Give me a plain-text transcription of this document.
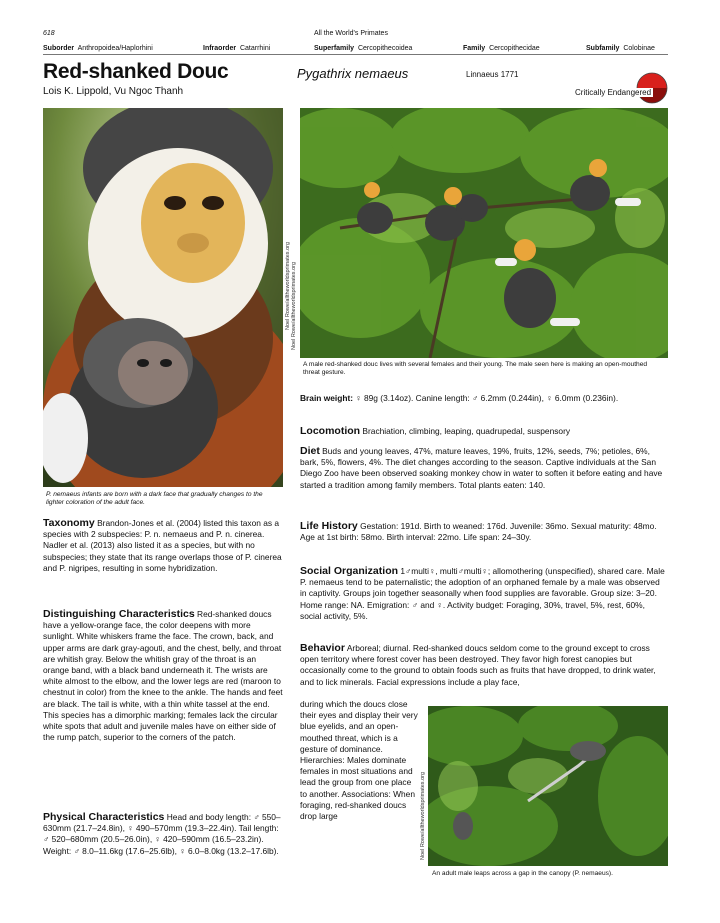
618	All the World's Primates
Suborder Anthropoidea/Haplorhini	Infraorder Catarrhini	Superfamily Cercopithecoidea	Family Cercopithecidae	Subfamily Colobinae
Red-shanked Douc	Pygathrix nemaeus	Linnaeus 1771
Lois K. Lippold, Vu Ngoc Thanh	Critically Endangered
Noel Rowe/alltheworldsprimates.org
P. nemaeus infants are born with a dark face that gradually changes to the lighter coloration of the adult face.
Noel Rowe/alltheworldsprimates.org
A male red-shanked douc lives with several females and their young. The male seen here is making an open-mouthed threat gesture.
Taxonomy Brandon-Jones et al. (2004) listed this taxon as a species with 2 subspecies: P. n. nemaeus and P. n. cinerea. Nadler et al. (2013) also listed it as a species, but with no subspecies; they state that its range overlaps those of P. cinerea and P. nigripes, resulting in some hybridization.
Distinguishing Characteristics Red-shanked doucs have a yellow-orange face, the color deepens with more sunlight. White whiskers frame the face. The crown, back, and upper arms are dark gray-agouti, and the chest, belly, and throat are whitish gray. Below the whitish gray of the throat is an orange band, with a black band underneath it. The wrists are white almost to the elbow, and the lower legs are red (maroon to chestnut in color) from the knee to the ankle. The hands and feet are black. The tail is white, with a thin white tassel at the end. This species has a dimorphic marking; females lack the circular white spots that adult and juvenile males have on either side of the rump patch, superior to the corners of the patch.
Physical Characteristics Head and body length: ♂ 550–630mm (21.7–24.8in), ♀ 490–570mm (19.3–22.4in). Tail length: ♂ 520–680mm (20.5–26.0in), ♀ 420–590mm (16.5–23.2in). Weight: ♂ 8.0–11.6kg (17.6–25.6lb), ♀ 6.0–8.0kg (13.2–17.6lb).
Brain weight: ♀ 89g (3.14oz). Canine length: ♂ 6.2mm (0.244in), ♀ 6.0mm (0.236in).
Locomotion Brachiation, climbing, leaping, quadrupedal, suspensory
Diet Buds and young leaves, 47%, mature leaves, 19%, fruits, 12%, seeds, 7%; petioles, 6%, bark, 5%, flowers, 4%. The diet changes according to the season. Captive individuals at the San Diego Zoo have been observed soaking monkey chow in water to soften it before eating and have started a tradition among family members. Total plants eaten: 140.
Life History Gestation: 191d. Birth to weaned: 176d. Juvenile: 36mo. Sexual maturity: 48mo. Age at 1st birth: 58mo. Birth interval: 22mo. Life span: 24–30y.
Social Organization 1♂multi♀, multi♂multi♀; allomothering (unspecified), shared care. Male P. nemaeus tend to be paternalistic; the adoption of an orphaned female by a male was observed in captivity. Groups join together seasonally when food supplies are favorable. Group size: 3–20. Home range: NA. Emigration: ♂ and ♀. Activity budget: Foraging, 30%, travel, 5%, rest, 60%, social activity, 5%.
Behavior Arboreal; diurnal. Red-shanked doucs seldom come to the ground except to cross open territory where forest cover has been destroyed. They favor high forest canopies but occasionally come to the ground to obtain foods such as fruits that have dropped, to drink water, and to lick minerals. Facial expressions include a play face,
during which the doucs close their eyes and display their very blue eyelids, and an open-mouthed threat, which is a gesture of dominance. Hierarchies: Males dominate females in most situations and lead the group from one place to another. Associations: When foraging, red-shanked doucs drop large	Noel Rowe/alltheworldsprimates.org
An adult male leaps across a gap in the canopy (P. nemaeus).
